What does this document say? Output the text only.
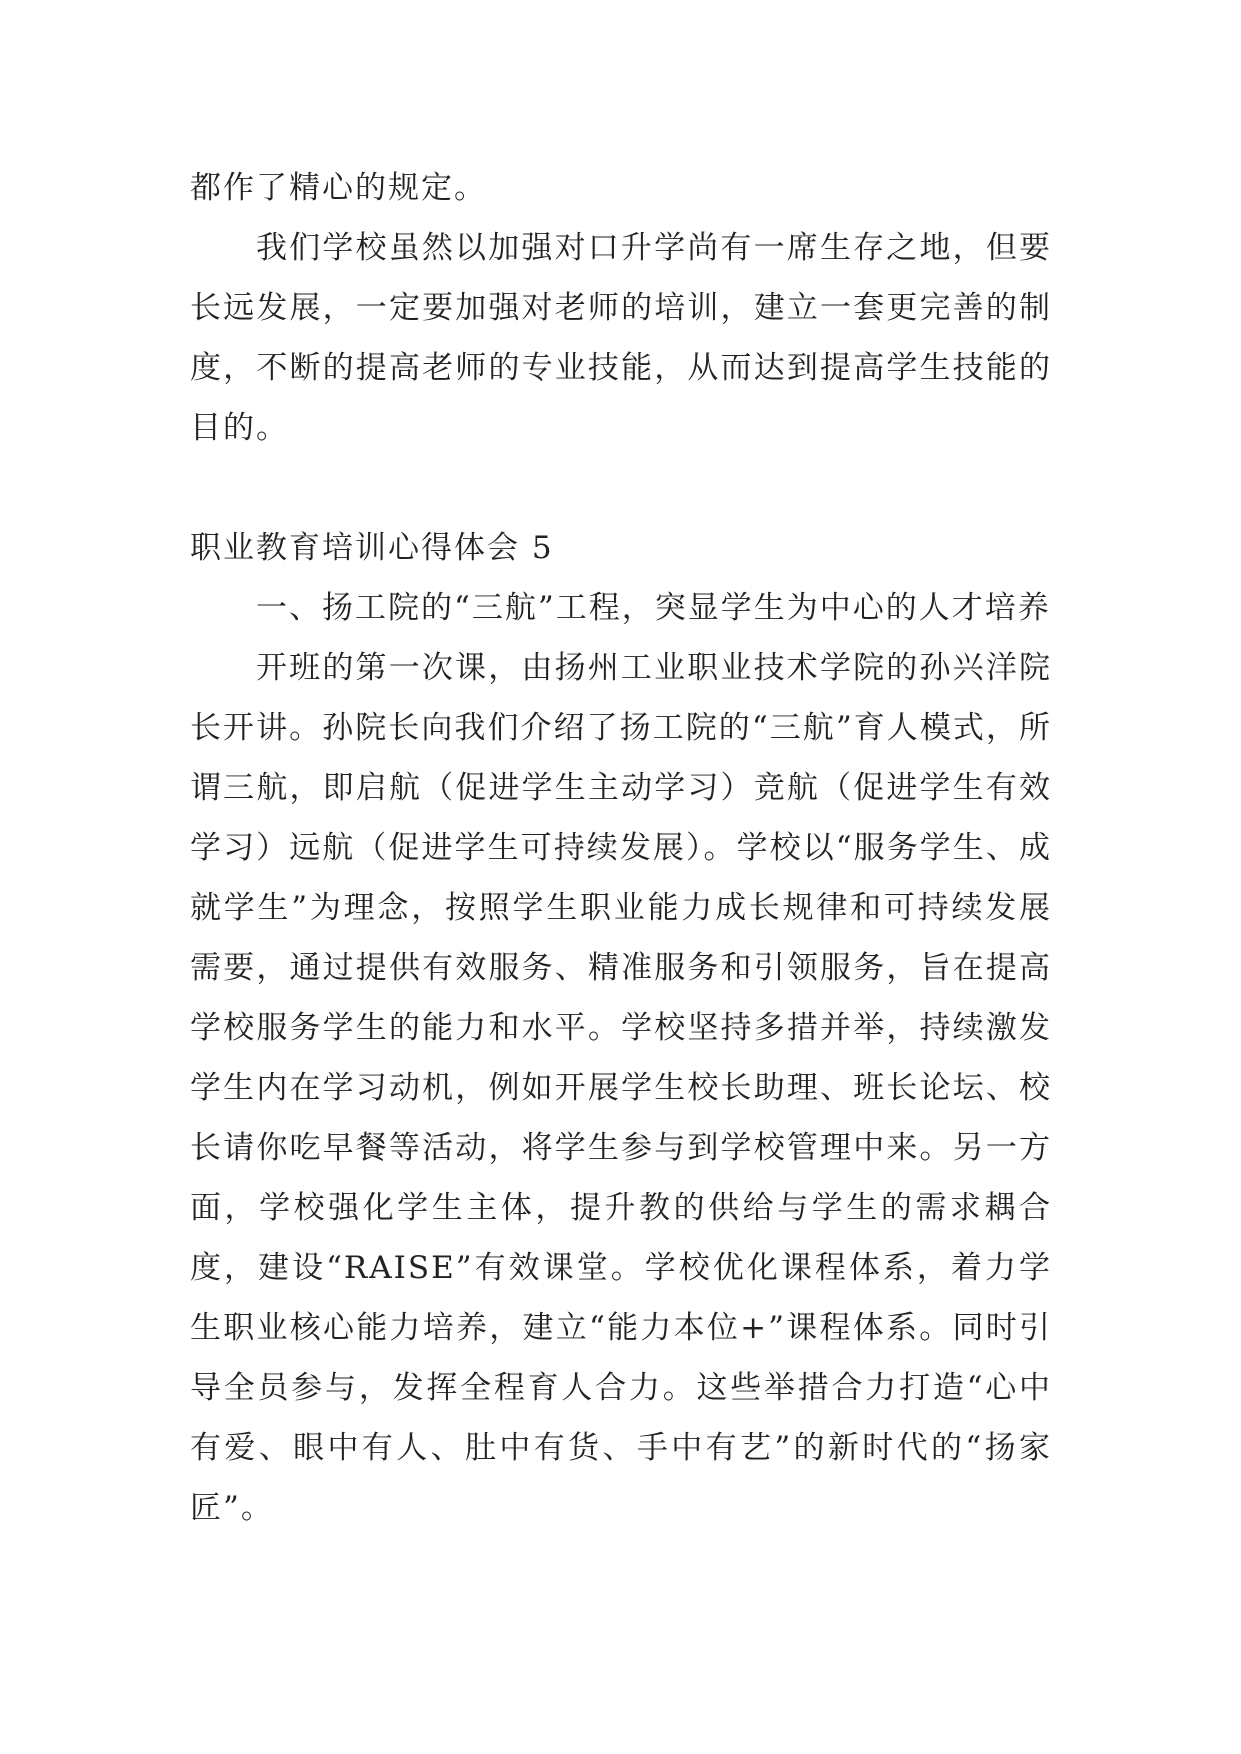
都作了精心的规定。

我们学校虽然以加强对口升学尚有一席生存之地，但要长远发展，一定要加强对老师的培训，建立一套更完善的制度，不断的提高老师的专业技能，从而达到提高学生技能的目的。

职业教育培训心得体会 5

一、扬工院的“三航”工程，突显学生为中心的人才培养

开班的第一次课，由扬州工业职业技术学院的孙兴洋院长开讲。孙院长向我们介绍了扬工院的“三航”育人模式，所谓三航，即启航（促进学生主动学习）竞航（促进学生有效学习）远航（促进学生可持续发展）。学校以“服务学生、成就学生”为理念，按照学生职业能力成长规律和可持续发展需要，通过提供有效服务、精准服务和引领服务，旨在提高学校服务学生的能力和水平。学校坚持多措并举，持续激发学生内在学习动机，例如开展学生校长助理、班长论坛、校长请你吃早餐等活动，将学生参与到学校管理中来。另一方面，学校强化学生主体，提升教的供给与学生的需求耦合度，建设“RAISE”有效课堂。学校优化课程体系，着力学生职业核心能力培养，建立“能力本位+”课程体系。同时引导全员参与，发挥全程育人合力。这些举措合力打造“心中有爱、眼中有人、肚中有货、手中有艺”的新时代的“扬家匠”。
